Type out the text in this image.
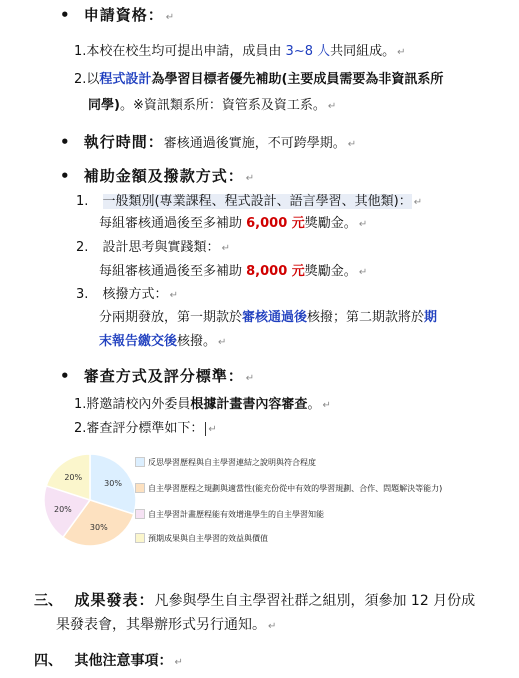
• 申請資格： ↵
1.本校在校生均可提出申請，成員由 3~8 人共同組成。 ↵
2.以程式設計為學習目標者優先補助(主要成員需要為非資訊系所
同學)。※資訊類系所：資管系及資工系。 ↵
• 執行時間：審核通過後實施，不可跨學期。 ↵
• 補助金額及撥款方式： ↵
1. 一般類別(專業課程、程式設計、語言學習、其他類)： ↵
每組審核通過後至多補助 6,000 元獎勵金。 ↵
2. 設計思考與實踐類： ↵
每組審核通過後至多補助 8,000 元獎勵金。 ↵
3. 核撥方式： ↵
分兩期發放，第一期款於審核通過後核撥；第二期款將於期
末報告繳交後核撥。 ↵
• 審查方式及評分標準： ↵
1.將邀請校內外委員根據計畫書內容審查。 ↵
2.審查評分標準如下： ↵
30%
30%
20%
20%
反思學習歷程與自主學習連結之說明與符合程度
自主學習歷程之規劃與適當性(能充份從中有效的學習規劃、合作、問題解決等能力)
自主學習計畫歷程能有效增進學生的自主學習知能
預期成果與自主學習的效益與價值
三、 成果發表：凡參與學生自主學習社群之組別，須參加 12 月份成
果發表會，其舉辦形式另行通知。 ↵
四、 其他注意事項： ↵
